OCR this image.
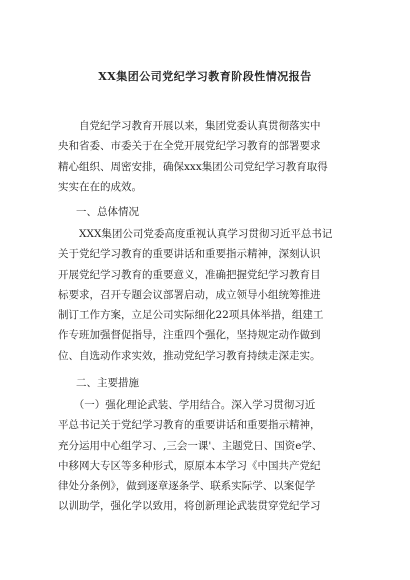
XX集团公司党纪学习教育阶段性情况报告

　　自党纪学习教育开展以来，集团党委认真贯彻落实中
央和省委、市委关于在全党开展党纪学习教育的部署要求
精心组织、周密安排，确保xxx集团公司党纪学习教育取得
实实在在的成效。

一、总体情况

　　XXX集团公司党委高度重视认真学习贯彻习近平总书记
关于党纪学习教育的重要讲话和重要指示精神，深刻认识
开展党纪学习教育的重要意义，准确把握党纪学习教育目
标要求，召开专题会议部署启动，成立领导小组统筹推进
制订工作方案，立足公司实际细化22项具体举措，组建工
作专班加强督促指导，注重四个强化，坚持规定动作做到
位、自选动作求实效，推动党纪学习教育持续走深走实。

二、主要措施

　　（一）强化理论武装、学用结合。深入学习贯彻习近
平总书记关于党纪学习教育的重要讲话和重要指示精神，
充分运用中心组学习、,三会一课'、主题党日、国资e学、
中移网大专区等多种形式，原原本本学习《中国共产党纪
律处分条例》，做到逐章逐条学、联系实际学、以案促学
以训助学，强化学以致用，将创新理论武装贯穿党纪学习
